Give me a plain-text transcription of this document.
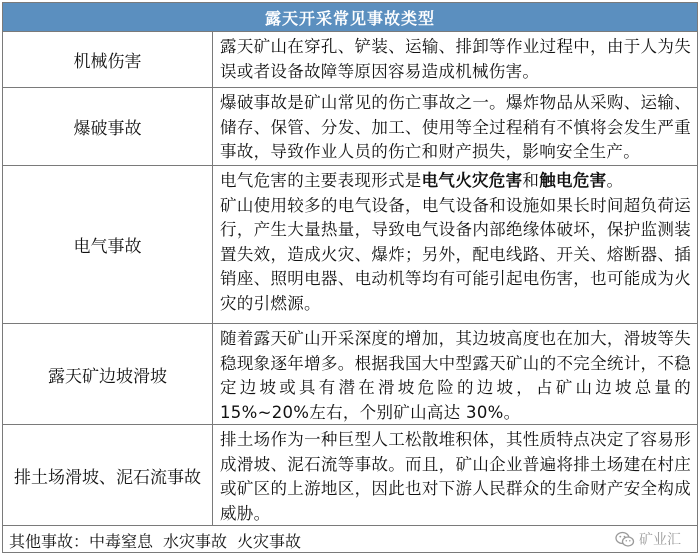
露天开采常见事故类型
机械伤害

露天矿山在穿孔、铲装、运输、排卸等作业过程中，由于人为失误或者设备故障等原因容易造成机械伤害。

爆破事故

爆破事故是矿山常见的伤亡事故之一。爆炸物品从采购、运输、储存、保管、分发、加工、使用等全过程稍有不慎将会发生严重事故，导致作业人员的伤亡和财产损失，影响安全生产。

电气事故

电气危害的主要表现形式是电气火灾危害和触电危害。

矿山使用较多的电气设备，电气设备和设施如果长时间超负荷运行，产生大量热量，导致电气设备内部绝缘体破坏，保护监测装置失效，造成火灾、爆炸；另外，配电线路、开关、熔断器、插销座、照明电器、电动机等均有可能引起电伤害，也可能成为火灾的引燃源。

露天矿边坡滑坡

随着露天矿山开采深度的增加，其边坡高度也在加大，滑坡等失稳现象逐年增多。根据我国大中型露天矿山的不完全统计，不稳定边坡或具有潜在滑坡危险的边坡，占矿山边坡总量的15%~20%左右，个别矿山高达 30%。

排土场滑坡、泥石流事故

排土场作为一种巨型人工松散堆积体，其性质特点决定了容易形成滑坡、泥石流等事故。而且，矿山企业普遍将排土场建在村庄或矿区的上游地区，因此也对下游人民群众的生命财产安全构成威胁。

其他事故： 中毒窒息 水灾事故 火灾事故	矿业汇
